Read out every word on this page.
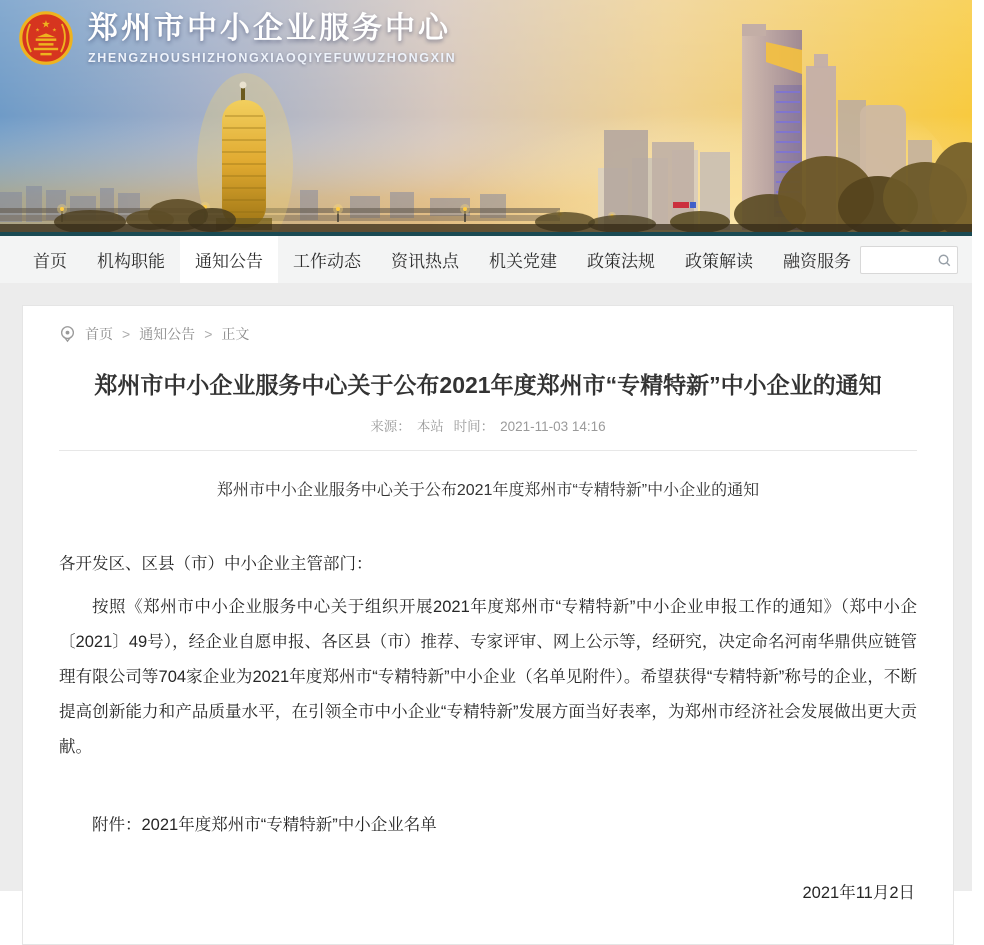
★
★ ★ 郑州市中小企业服务中心
ZHENGZHOUSHIZHONGXIAOQIYEFUWUZHONGXIN
首页	机构职能	通知公告	工作动态	资讯热点	机关党建	政策法规	政策解读	融资服务
首页 > 通知公告 > 正文
郑州市中小企业服务中心关于公布2021年度郑州市“专精特新”中小企业的通知
来源： 本站 时间： 2021-11-03 14:16
郑州市中小企业服务中心关于公布2021年度郑州市“专精特新”中小企业的通知
各开发区、区县（市）中小企业主管部门：

按照《郑州市中小企业服务中心关于组织开展2021年度郑州市“专精特新”中小企业申报工作的通知》（郑中小企〔2021〕49号），经企业自愿申报、各区县（市）推荐、专家评审、网上公示等，经研究，决定命名河南华鼎供应链管理有限公司等704家企业为2021年度郑州市“专精特新”中小企业（名单见附件）。希望获得“专精特新”称号的企业，不断提高创新能力和产品质量水平，在引领全市中小企业“专精特新”发展方面当好表率，为郑州市经济社会发展做出更大贡献。

附件：2021年度郑州市“专精特新”中小企业名单
2021年11月2日
